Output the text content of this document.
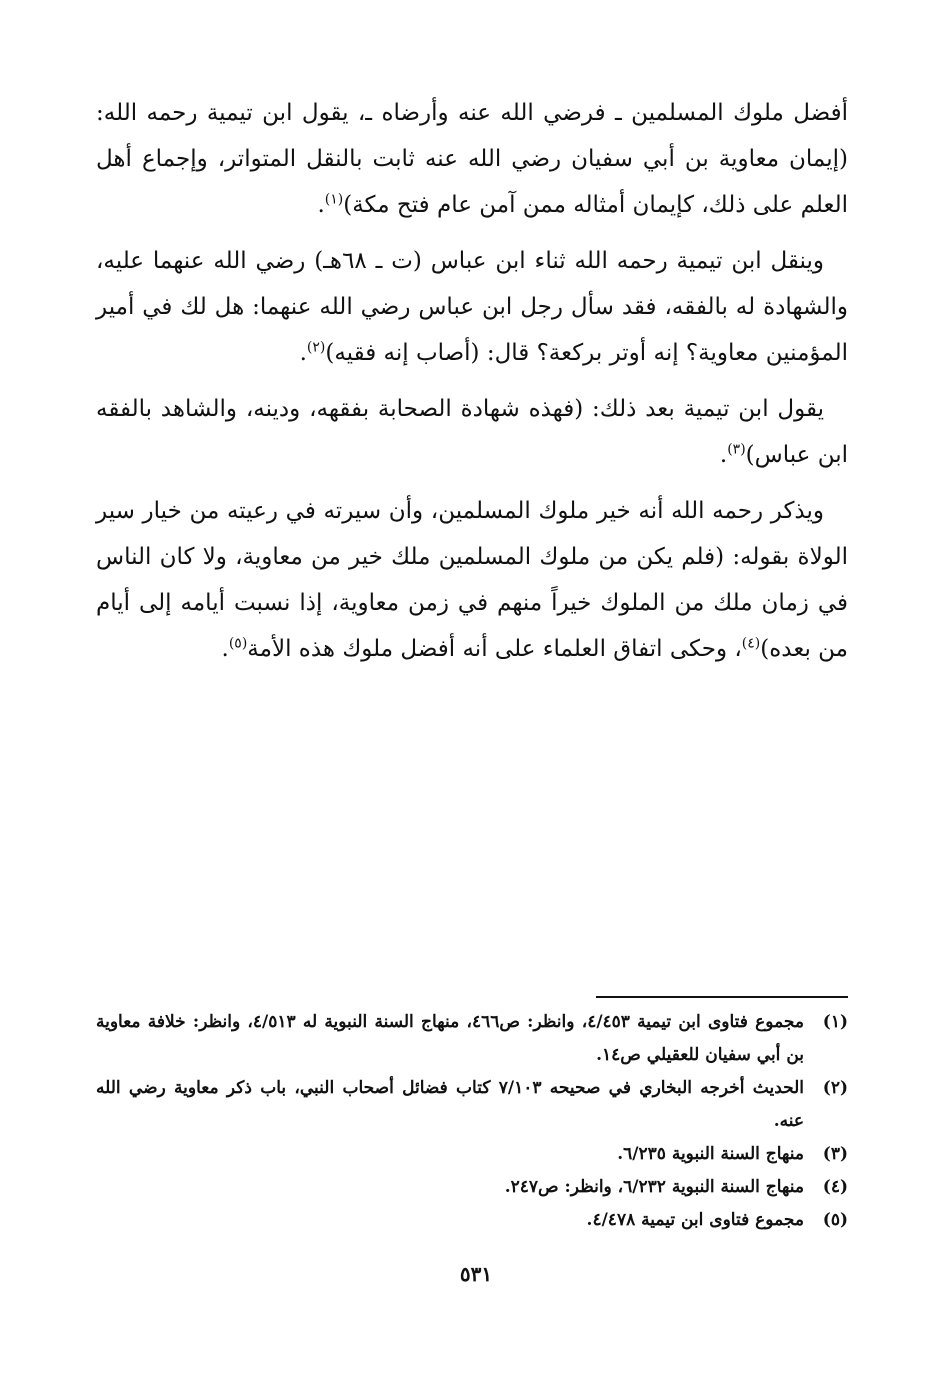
أفضل ملوك المسلمين ـ فرضي الله عنه وأرضاه ـ، يقول ابن تيمية رحمه الله: (إيمان معاوية بن أبي سفيان رضي الله عنه ثابت بالنقل المتواتر، وإجماع أهل العلم على ذلك، كإيمان أمثاله ممن آمن عام فتح مكة)$^{(١)}$.

وينقل ابن تيمية رحمه الله ثناء ابن عباس (ت ـ ٦٨هـ) رضي الله عنهما عليه، والشهادة له بالفقه، فقد سأل رجل ابن عباس رضي الله عنهما: هل لك في أمير المؤمنين معاوية؟ إنه أوتر بركعة؟ قال: (أصاب إنه فقيه)$^{(٢)}$.

يقول ابن تيمية بعد ذلك: (فهذه شهادة الصحابة بفقهه، ودينه، والشاهد بالفقه ابن عباس)$^{(٣)}$.

ويذكر رحمه الله أنه خير ملوك المسلمين، وأن سيرته في رعيته من خيار سير الولاة بقوله: (فلم يكن من ملوك المسلمين ملك خير من معاوية، ولا كان الناس في زمان ملك من الملوك خيراً منهم في زمن معاوية، إذا نسبت أيامه إلى أيام من بعده)$^{(٤)}$، وحكى اتفاق العلماء على أنه أفضل ملوك هذه الأمة$^{(٥)}$.

(١)
مجموع فتاوى ابن تيمية ٤/٤٥٣، وانظر: ص٤٦٦، منهاج السنة النبوية له ٤/٥١٣، وانظر: خلافة معاوية بن أبي سفيان للعقيلي ص١٤.
(٢)
الحديث أخرجه البخاري في صحيحه ٧/١٠٣ كتاب فضائل أصحاب النبي، باب ذكر معاوية رضي الله عنه.
(٣)
منهاج السنة النبوية ٦/٢٣٥.
(٤)
منهاج السنة النبوية ٦/٢٣٢، وانظر: ص٢٤٧.
(٥)
مجموع فتاوى ابن تيمية ٤/٤٧٨.
٥٣١
